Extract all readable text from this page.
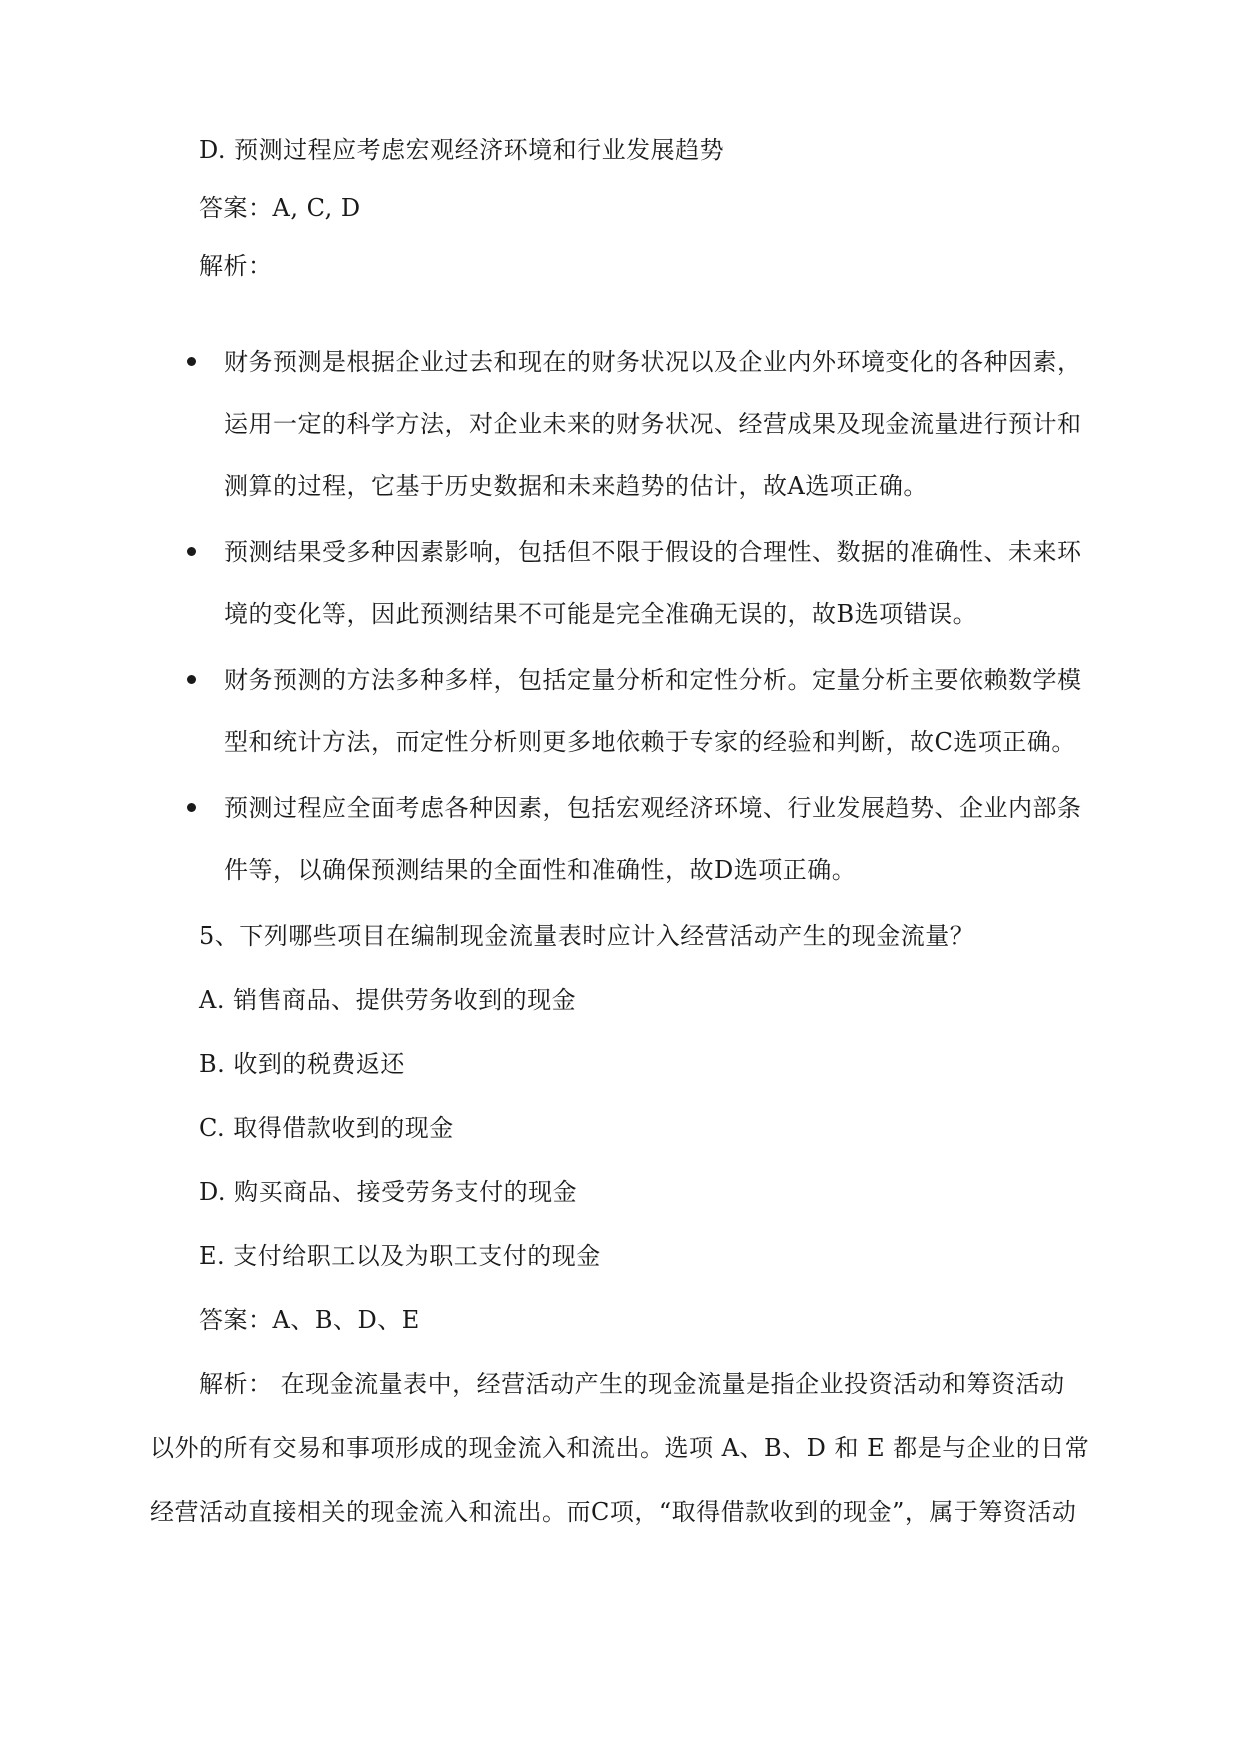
D. 预测过程应考虑宏观经济环境和行业发展趋势

答案：A, C, D

解析：

财务预测是根据企业过去和现在的财务状况以及企业内外环境变化的各种因素，

运用一定的科学方法，对企业未来的财务状况、经营成果及现金流量进行预计和

测算的过程，它基于历史数据和未来趋势的估计，故A选项正确。

预测结果受多种因素影响，包括但不限于假设的合理性、数据的准确性、未来环

境的变化等，因此预测结果不可能是完全准确无误的，故B选项错误。

财务预测的方法多种多样，包括定量分析和定性分析。定量分析主要依赖数学模

型和统计方法，而定性分析则更多地依赖于专家的经验和判断，故C选项正确。

预测过程应全面考虑各种因素，包括宏观经济环境、行业发展趋势、企业内部条

件等，以确保预测结果的全面性和准确性，故D选项正确。

5、下列哪些项目在编制现金流量表时应计入经营活动产生的现金流量？

A. 销售商品、提供劳务收到的现金

B. 收到的税费返还

C. 取得借款收到的现金

D. 购买商品、接受劳务支付的现金

E. 支付给职工以及为职工支付的现金

答案：A、B、D、E

解析： 在现金流量表中，经营活动产生的现金流量是指企业投资活动和筹资活动

以外的所有交易和事项形成的现金流入和流出。选项 A、B、D 和 E 都是与企业的日常

经营活动直接相关的现金流入和流出。而C项，“取得借款收到的现金”，属于筹资活动
